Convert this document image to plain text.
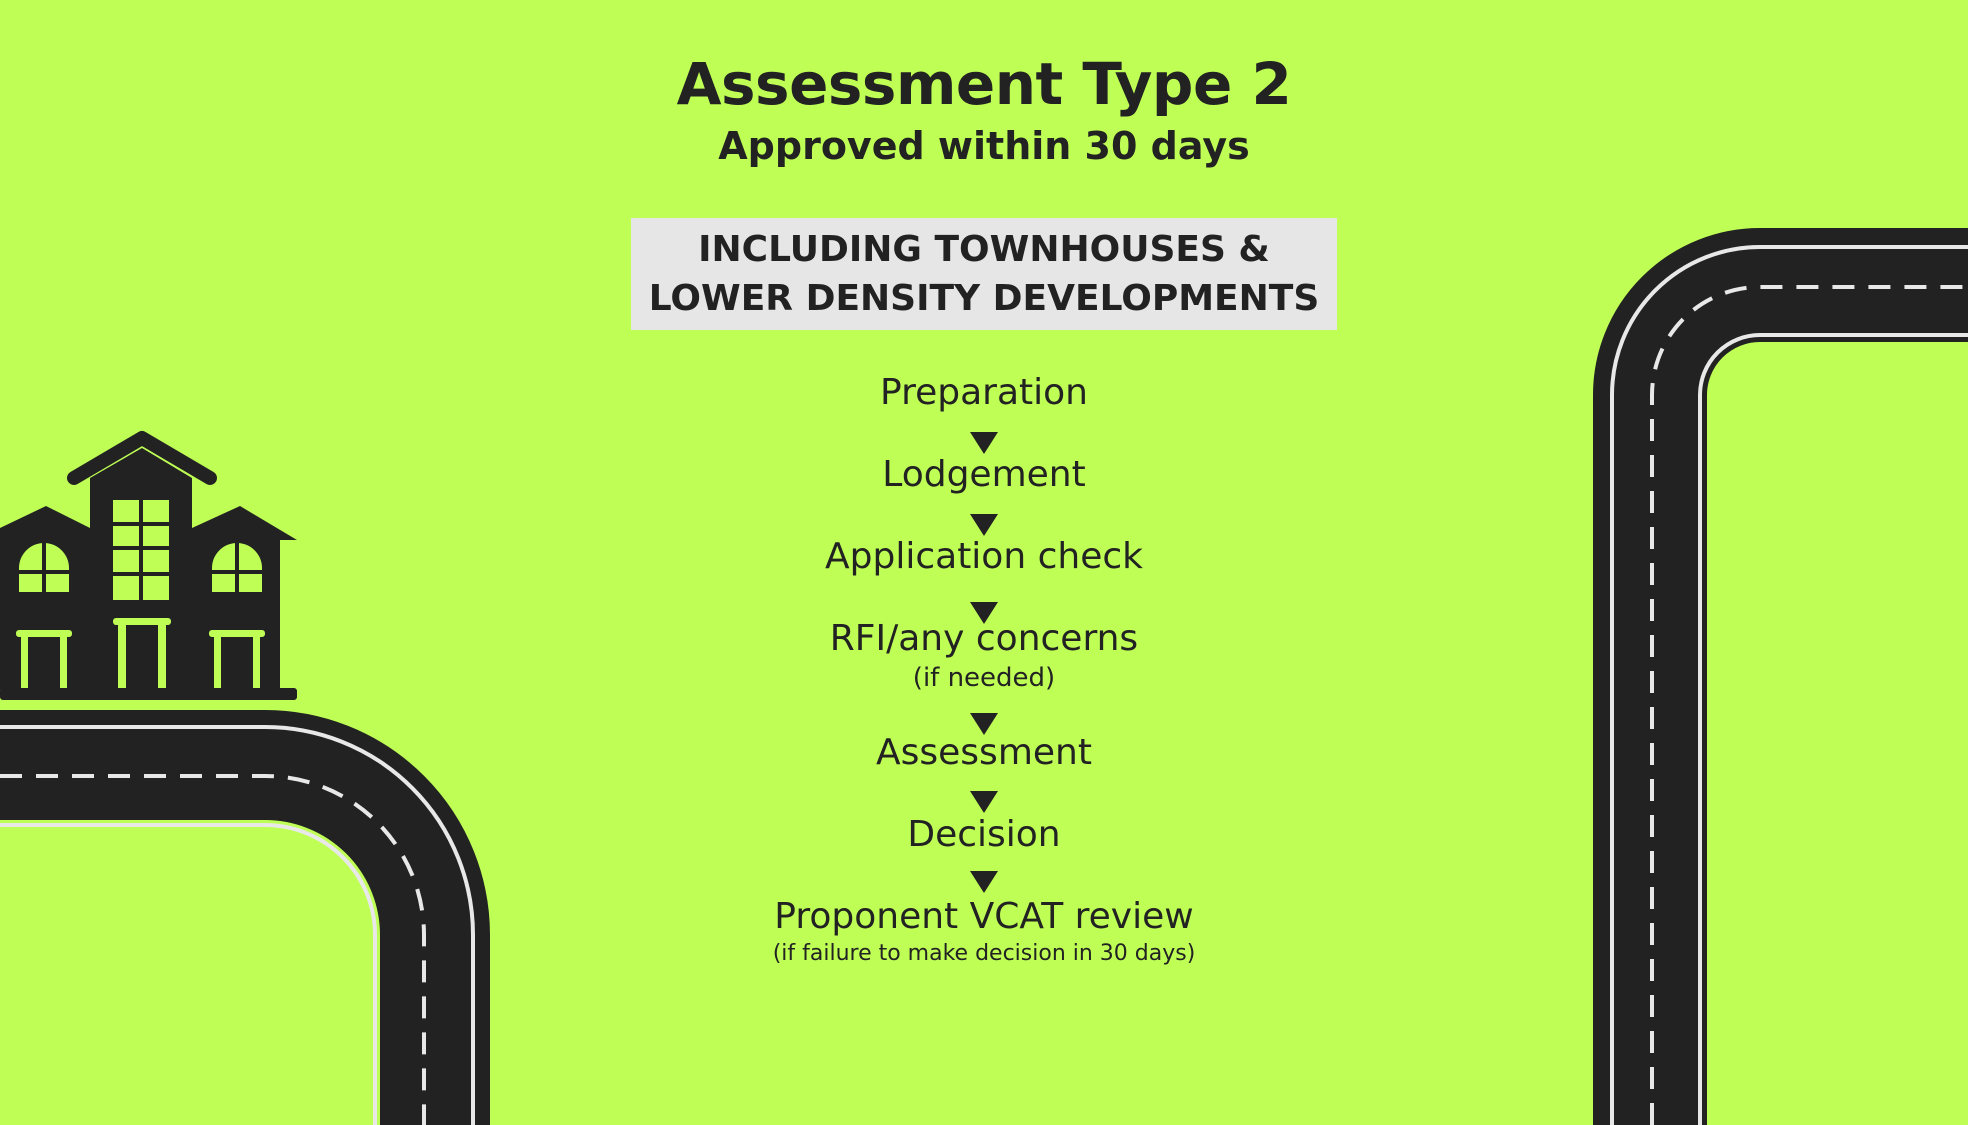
Assessment Type 2
Approved within 30 days
INCLUDING TOWNHOUSES &
LOWER DENSITY DEVELOPMENTS
Preparation
Lodgement
Application check
RFI/any concerns
(if needed)
Assessment
Decision
Proponent VCAT review
(if failure to make decision in 30 days)
